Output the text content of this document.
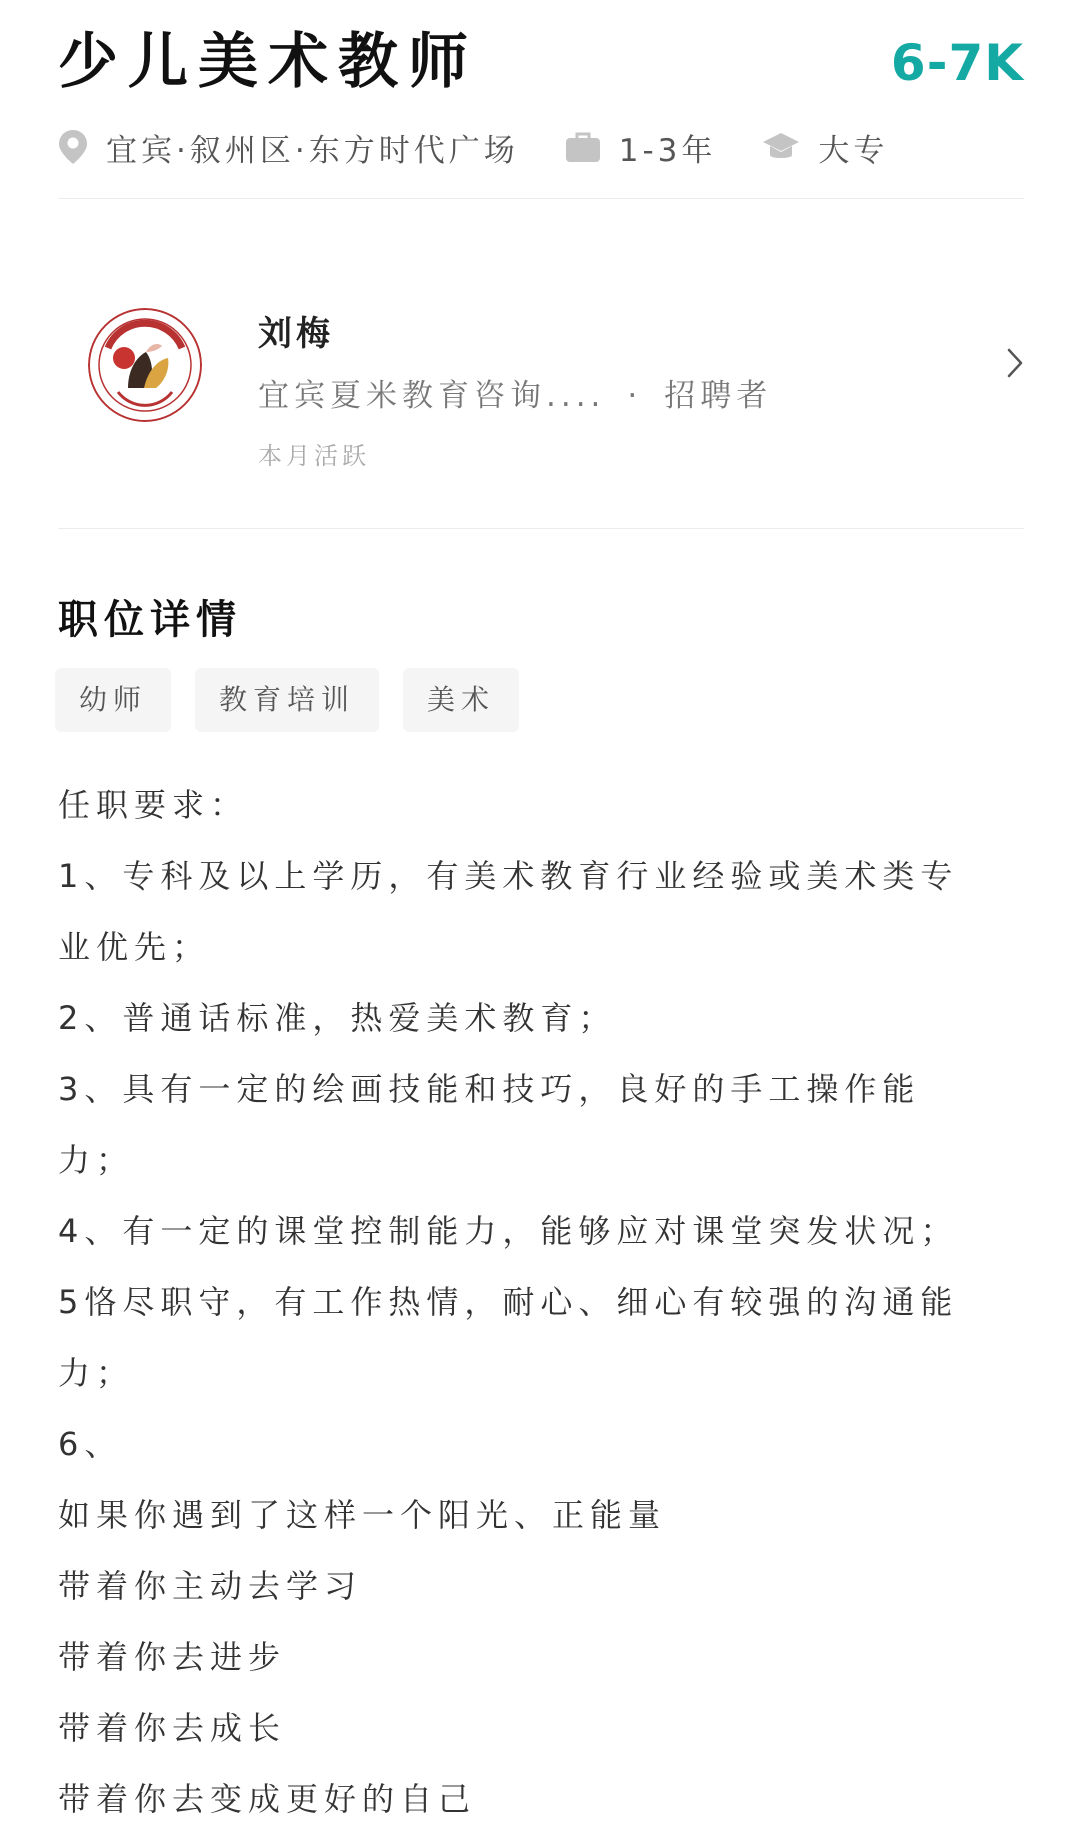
少儿美术教师	6-7K
宜宾·叙州区·东方时代广场	1-3年	大专
刘梅
宜宾夏米教育咨询.... · 招聘者
本月活跃
职位详情
幼师	教育培训	美术
任职要求：
1、专科及以上学历，有美术教育行业经验或美术类专
业优先；
2、普通话标准，热爱美术教育；
3、具有一定的绘画技能和技巧，良好的手工操作能
力；
4、有一定的课堂控制能力，能够应对课堂突发状况；
5恪尽职守，有工作热情，耐心、细心有较强的沟通能
力；
6、
如果你遇到了这样一个阳光、正能量
带着你主动去学习
带着你去进步
带着你去成长
带着你去变成更好的自己
